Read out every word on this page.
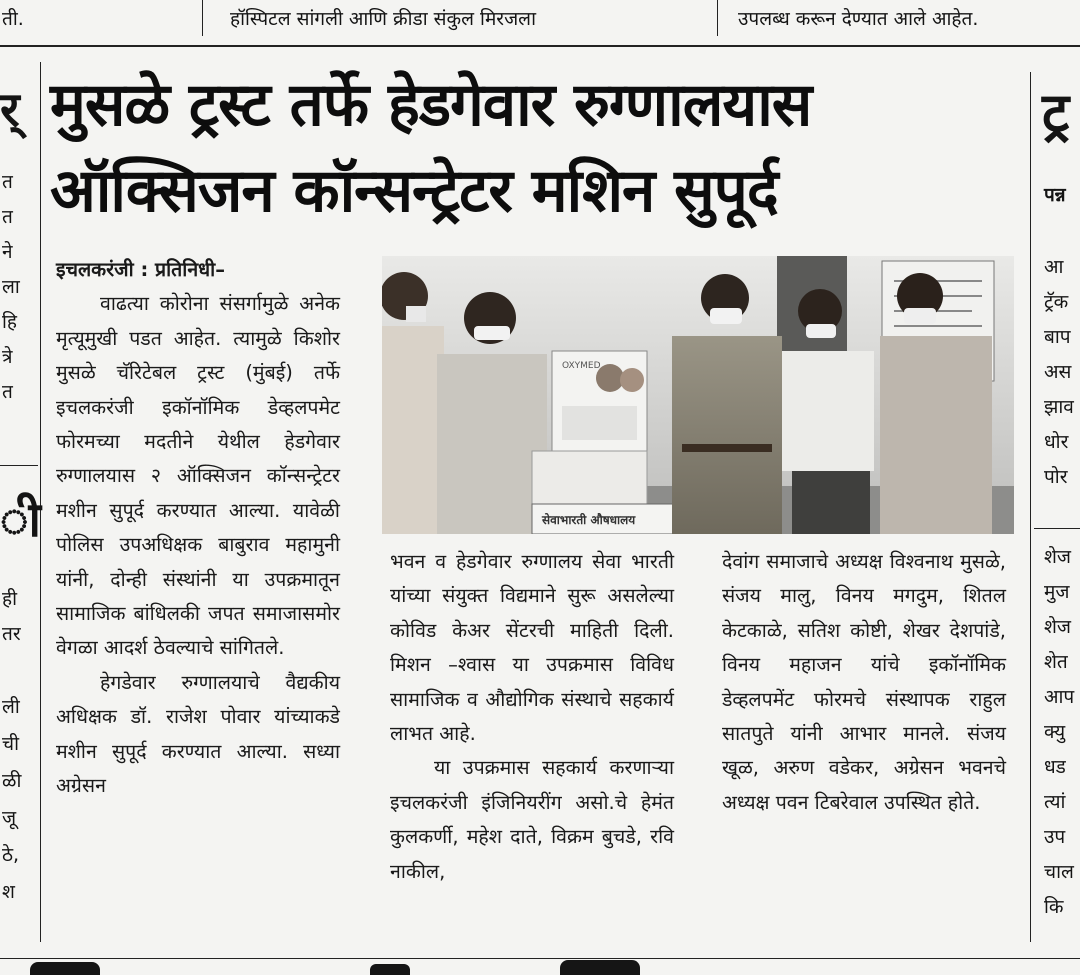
ती.	हॉस्पिटल सांगली आणि क्रीडा संकुल मिरजला	उपलब्ध करून देण्यात आले आहेत.
र्
त
त
ने
ला
हि
त्रे
त
ी
ही
तर
ली
ची
ळी
जू
ठे,
श
ट्र
पन्न
आ
ट्रॅक
बाप
अस
झाव
धोर
पोर
शेज
मुज
शेज
शेत
आप
क्यु
धड
त्यां
उप
चाल
कि
मुसळे ट्रस्ट तर्फे हेडगेवार रुग्णालयास
ऑक्सिजन कॉन्सन्ट्रेटर मशिन सुपूर्द
OXYMED
सेवाभारती औषधालय

इचलकरंजी : प्रतिनिधी–

वाढत्या कोरोना संसर्गामुळे अनेक मृत्यूमुखी पडत आहेत. त्यामुळे किशोर मुसळे चॅरिटेबल ट्रस्ट (मुंबई) तर्फे इचलकरंजी इकॉनॉमिक डेव्हलपमेट फोरमच्या मदतीने येथील हेडगेवार रुग्णालयास २ ऑक्सिजन कॉन्सन्ट्रेटर मशीन सुपूर्द करण्यात आल्या. यावेळी पोलिस उपअधिक्षक बाबुराव महामुनी यांनी, दोन्ही संस्थांनी या उपक्रमातून सामाजिक बांधिलकी जपत समाजासमोर वेगळा आदर्श ठेवल्याचे सांगितले.

हेगडेवार रुग्णालयाचे वैद्यकीय अधिक्षक डॉ. राजेश पोवार यांच्याकडे मशीन सुपूर्द करण्यात आल्या. सध्या अग्रेसन

भवन व हेडगेवार रुग्णालय सेवा भारती यांच्या संयुक्त विद्यमाने सुरू असलेल्या कोविड केअर सेंटरची माहिती दिली. मिशन –श्वास या उपक्रमास विविध सामाजिक व औद्योगिक संस्थाचे सहकार्य लाभत आहे.

या उपक्रमास सहकार्य करणाऱ्या इचलकरंजी इंजिनियरींग असो.चे हेमंत कुलकर्णी, महेश दाते, विक्रम बुचडे, रवि नाकील,

देवांग समाजाचे अध्यक्ष विश्वनाथ मुसळे, संजय मालु, विनय मगदुम, शितल केटकाळे, सतिश कोष्टी, शेखर देशपांडे, विनय महाजन यांचे इकॉनॉमिक डेव्हलपमेंट फोरमचे संस्थापक राहुल सातपुते यांनी आभार मानले. संजय खूळ, अरुण वडेकर, अग्रेसन भवनचे अध्यक्ष पवन टिबरेवाल उपस्थित होते.
